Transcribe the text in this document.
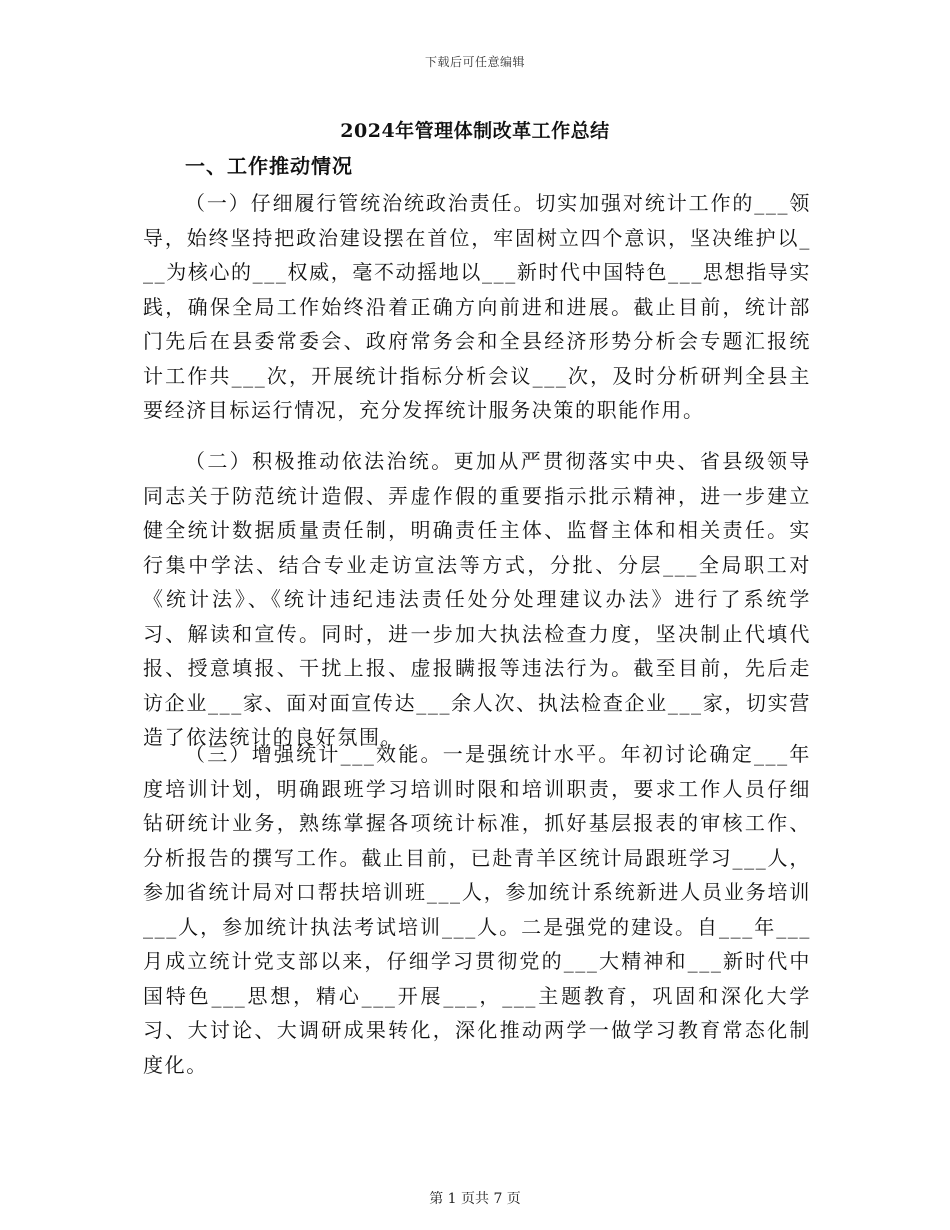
下载后可任意编辑
2024年管理体制改革工作总结
一、工作推动情况

（一）仔细履行管统治统政治责任。切实加强对统计工作的___领导，始终坚持把政治建设摆在首位，牢固树立四个意识，坚决维护以___为核心的___权威，毫不动摇地以___新时代中国特色___思想指导实践，确保全局工作始终沿着正确方向前进和进展。截止目前，统计部门先后在县委常委会、政府常务会和全县经济形势分析会专题汇报统计工作共___次，开展统计指标分析会议___次，及时分析研判全县主要经济目标运行情况，充分发挥统计服务决策的职能作用。

（二）积极推动依法治统。更加从严贯彻落实中央、省县级领导同志关于防范统计造假、弄虚作假的重要指示批示精神，进一步建立健全统计数据质量责任制，明确责任主体、监督主体和相关责任。实行集中学法、结合专业走访宣法等方式，分批、分层___全局职工对《统计法》、《统计违纪违法责任处分处理建议办法》进行了系统学习、解读和宣传。同时，进一步加大执法检查力度，坚决制止代填代报、授意填报、干扰上报、虚报瞒报等违法行为。截至目前，先后走访企业___家、面对面宣传达___余人次、执法检查企业___家，切实营造了依法统计的良好氛围。

（三）增强统计___效能。一是强统计水平。年初讨论确定___年度培训计划，明确跟班学习培训时限和培训职责，要求工作人员仔细钻研统计业务，熟练掌握各项统计标准，抓好基层报表的审核工作、分析报告的撰写工作。截止目前，已赴青羊区统计局跟班学习___人，参加省统计局对口帮扶培训班___人，参加统计系统新进人员业务培训___人，参加统计执法考试培训___人。二是强党的建设。自___年___月成立统计党支部以来，仔细学习贯彻党的___大精神和___新时代中国特色___思想，精心___开展___，___主题教育，巩固和深化大学习、大讨论、大调研成果转化，深化推动两学一做学习教育常态化制度化。

第 1 页共 7 页
